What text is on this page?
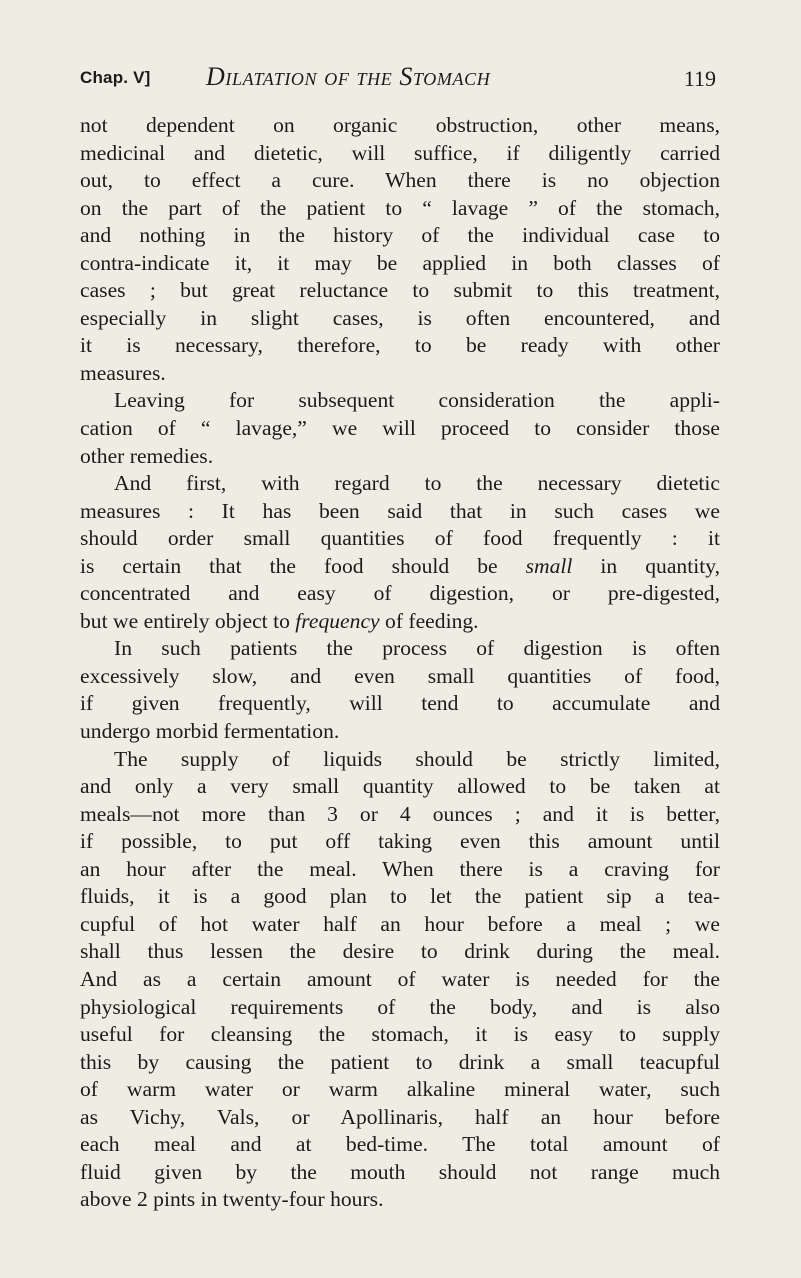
Chap. V] Dilatation of the Stomach	119
not dependent on organic obstruction, other means,
medicinal and dietetic, will suffice, if diligently carried
out, to effect a cure. When there is no objection
on the part of the patient to “ lavage ” of the stomach,
and nothing in the history of the individual case to
contra-indicate it, it may be applied in both classes of
cases ; but great reluctance to submit to this treatment,
especially in slight cases, is often encountered, and
it is necessary, therefore, to be ready with other
measures.
Leaving for subsequent consideration the appli-
cation of “ lavage,” we will proceed to consider those
other remedies.
And first, with regard to the necessary dietetic
measures : It has been said that in such cases we
should order small quantities of food frequently : it
is certain that the food should be small in quantity,
concentrated and easy of digestion, or pre-digested,
but we entirely object to frequency of feeding.
In such patients the process of digestion is often
excessively slow, and even small quantities of food,
if given frequently, will tend to accumulate and
undergo morbid fermentation.
The supply of liquids should be strictly limited,
and only a very small quantity allowed to be taken at
meals—not more than 3 or 4 ounces ; and it is better,
if possible, to put off taking even this amount until
an hour after the meal. When there is a craving for
fluids, it is a good plan to let the patient sip a tea-
cupful of hot water half an hour before a meal ; we
shall thus lessen the desire to drink during the meal.
And as a certain amount of water is needed for the
physiological requirements of the body, and is also
useful for cleansing the stomach, it is easy to supply
this by causing the patient to drink a small teacupful
of warm water or warm alkaline mineral water, such
as Vichy, Vals, or Apollinaris, half an hour before
each meal and at bed-time. The total amount of
fluid given by the mouth should not range much
above 2 pints in twenty-four hours.
